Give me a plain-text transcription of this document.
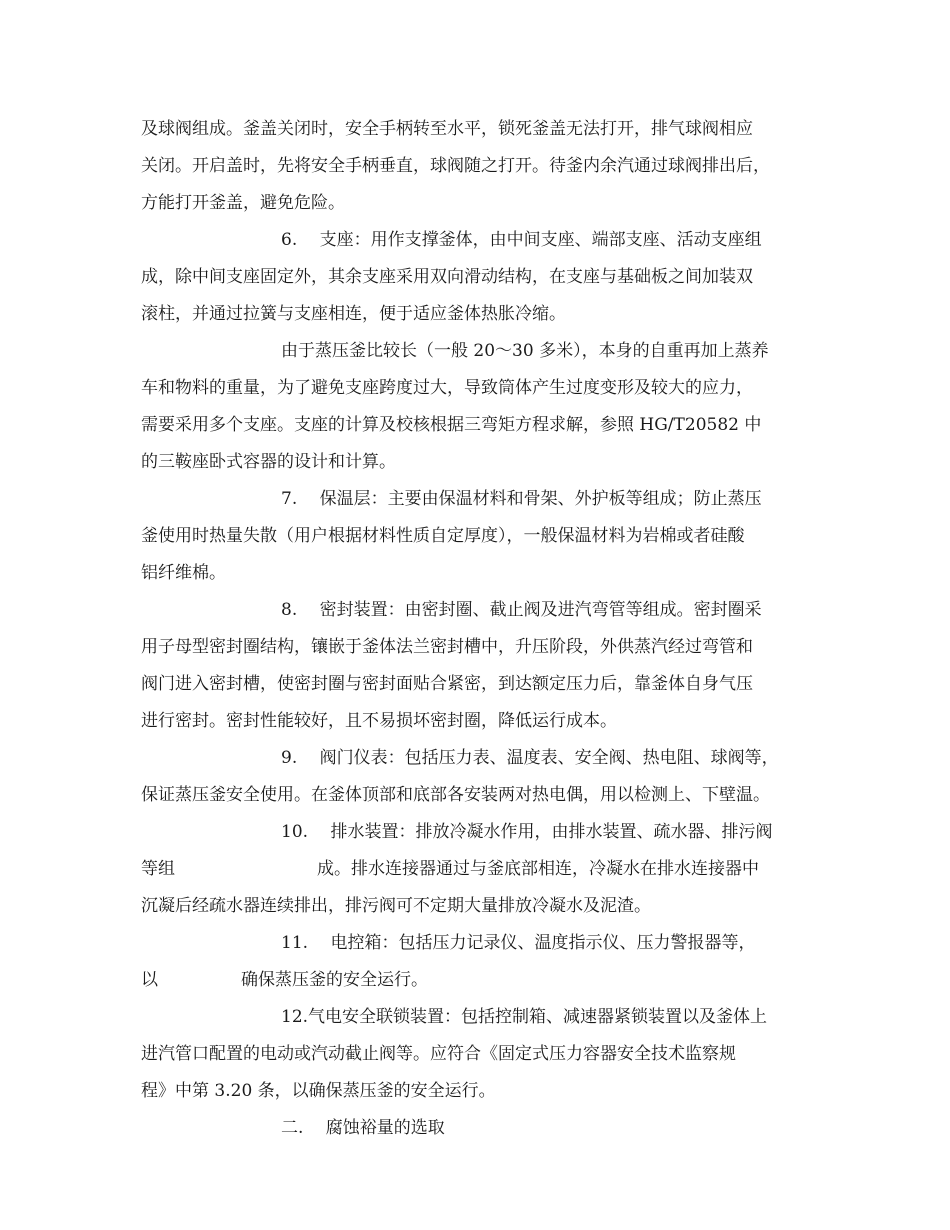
及球阀组成。釜盖关闭时，安全手柄转至水平，锁死釜盖无法打开，排气球阀相应
关闭。开启盖时，先将安全手柄垂直，球阀随之打开。待釜内余汽通过球阀排出后，
方能打开釜盖，避免危险。
6.　 支座：用作支撑釜体，由中间支座、端部支座、活动支座组
成，除中间支座固定外，其余支座采用双向滑动结构，在支座与基础板之间加装双
滚柱，并通过拉簧与支座相连，便于适应釜体热胀冷缩。
由于蒸压釜比较长（一般 20～30 多米），本身的自重再加上蒸养
车和物料的重量，为了避免支座跨度过大，导致筒体产生过度变形及较大的应力，
需要采用多个支座。支座的计算及校核根据三弯矩方程求解，参照 HG/T20582 中
的三鞍座卧式容器的设计和计算。
7.　 保温层：主要由保温材料和骨架、外护板等组成；防止蒸压
釜使用时热量失散（用户根据材料性质自定厚度），一般保温材料为岩棉或者硅酸
铝纤维棉。
8.　 密封装置：由密封圈、截止阀及进汽弯管等组成。密封圈采
用子母型密封圈结构，镶嵌于釜体法兰密封槽中，升压阶段，外供蒸汽经过弯管和
阀门进入密封槽，使密封圈与密封面贴合紧密，到达额定压力后，靠釜体自身气压
进行密封。密封性能较好，且不易损坏密封圈，降低运行成本。
9.　 阀门仪表：包括压力表、温度表、安全阀、热电阻、球阀等，
保证蒸压釜安全使用。在釜体顶部和底部各安装两对热电偶，用以检测上、下壁温。
10.　 排水装置：排放冷凝水作用，由排水装置、疏水器、排污阀
等组	成。排水连接器通过与釜底部相连，冷凝水在排水连接器中
沉凝后经疏水器连续排出，排污阀可不定期大量排放冷凝水及泥渣。
11.　 电控箱：包括压力记录仪、温度指示仪、压力警报器等，
以	确保蒸压釜的安全运行。
12.气电安全联锁装置：包括控制箱、减速器紧锁装置以及釜体上
进汽管口配置的电动或汽动截止阀等。应符合《固定式压力容器安全技术监察规
程》中第 3.20 条，以确保蒸压釜的安全运行。
二.　 腐蚀裕量的选取
